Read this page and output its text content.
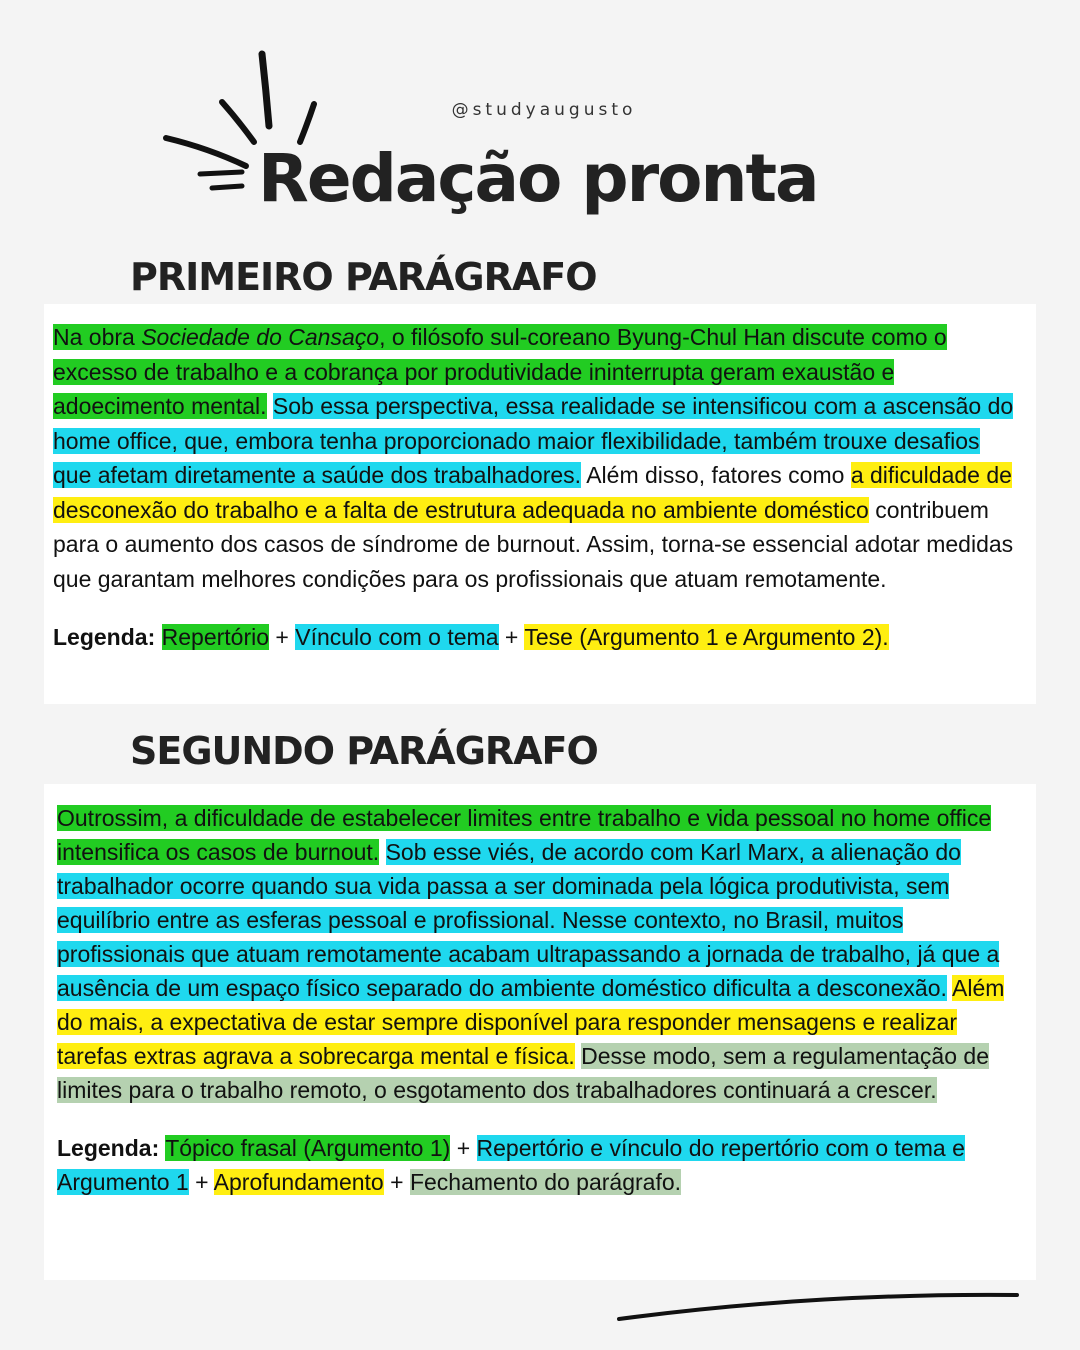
@studyaugusto
Redação pronta
PRIMEIRO PARÁGRAFO

Na obra Sociedade do Cansaço, o filósofo sul-coreano Byung-Chul Han discute como o excesso de trabalho e a cobrança por produtividade ininterrupta geram exaustão e adoecimento mental. Sob essa perspectiva, essa realidade se intensificou com a ascensão do home office, que, embora tenha proporcionado maior flexibilidade, também trouxe desafios que afetam diretamente a saúde dos trabalhadores. Além disso, fatores como a dificuldade de desconexão do trabalho e a falta de estrutura adequada no ambiente doméstico contribuem para o aumento dos casos de síndrome de burnout. Assim, torna-se essencial adotar medidas que garantam melhores condições para os profissionais que atuam remotamente.

Legenda: Repertório + Vínculo com o tema + Tese (Argumento 1 e Argumento 2).

SEGUNDO PARÁGRAFO

Outrossim, a dificuldade de estabelecer limites entre trabalho e vida pessoal no home office intensifica os casos de burnout. Sob esse viés, de acordo com Karl Marx, a alienação do trabalhador ocorre quando sua vida passa a ser dominada pela lógica produtivista, sem equilíbrio entre as esferas pessoal e profissional. Nesse contexto, no Brasil, muitos profissionais que atuam remotamente acabam ultrapassando a jornada de trabalho, já que a ausência de um espaço físico separado do ambiente doméstico dificulta a desconexão. Além do mais, a expectativa de estar sempre disponível para responder mensagens e realizar tarefas extras agrava a sobrecarga mental e física. Desse modo, sem a regulamentação de limites para o trabalho remoto, o esgotamento dos trabalhadores continuará a crescer.

Legenda: Tópico frasal (Argumento 1) + Repertório e vínculo do repertório com o tema e Argumento 1 + Aprofundamento + Fechamento do parágrafo.
